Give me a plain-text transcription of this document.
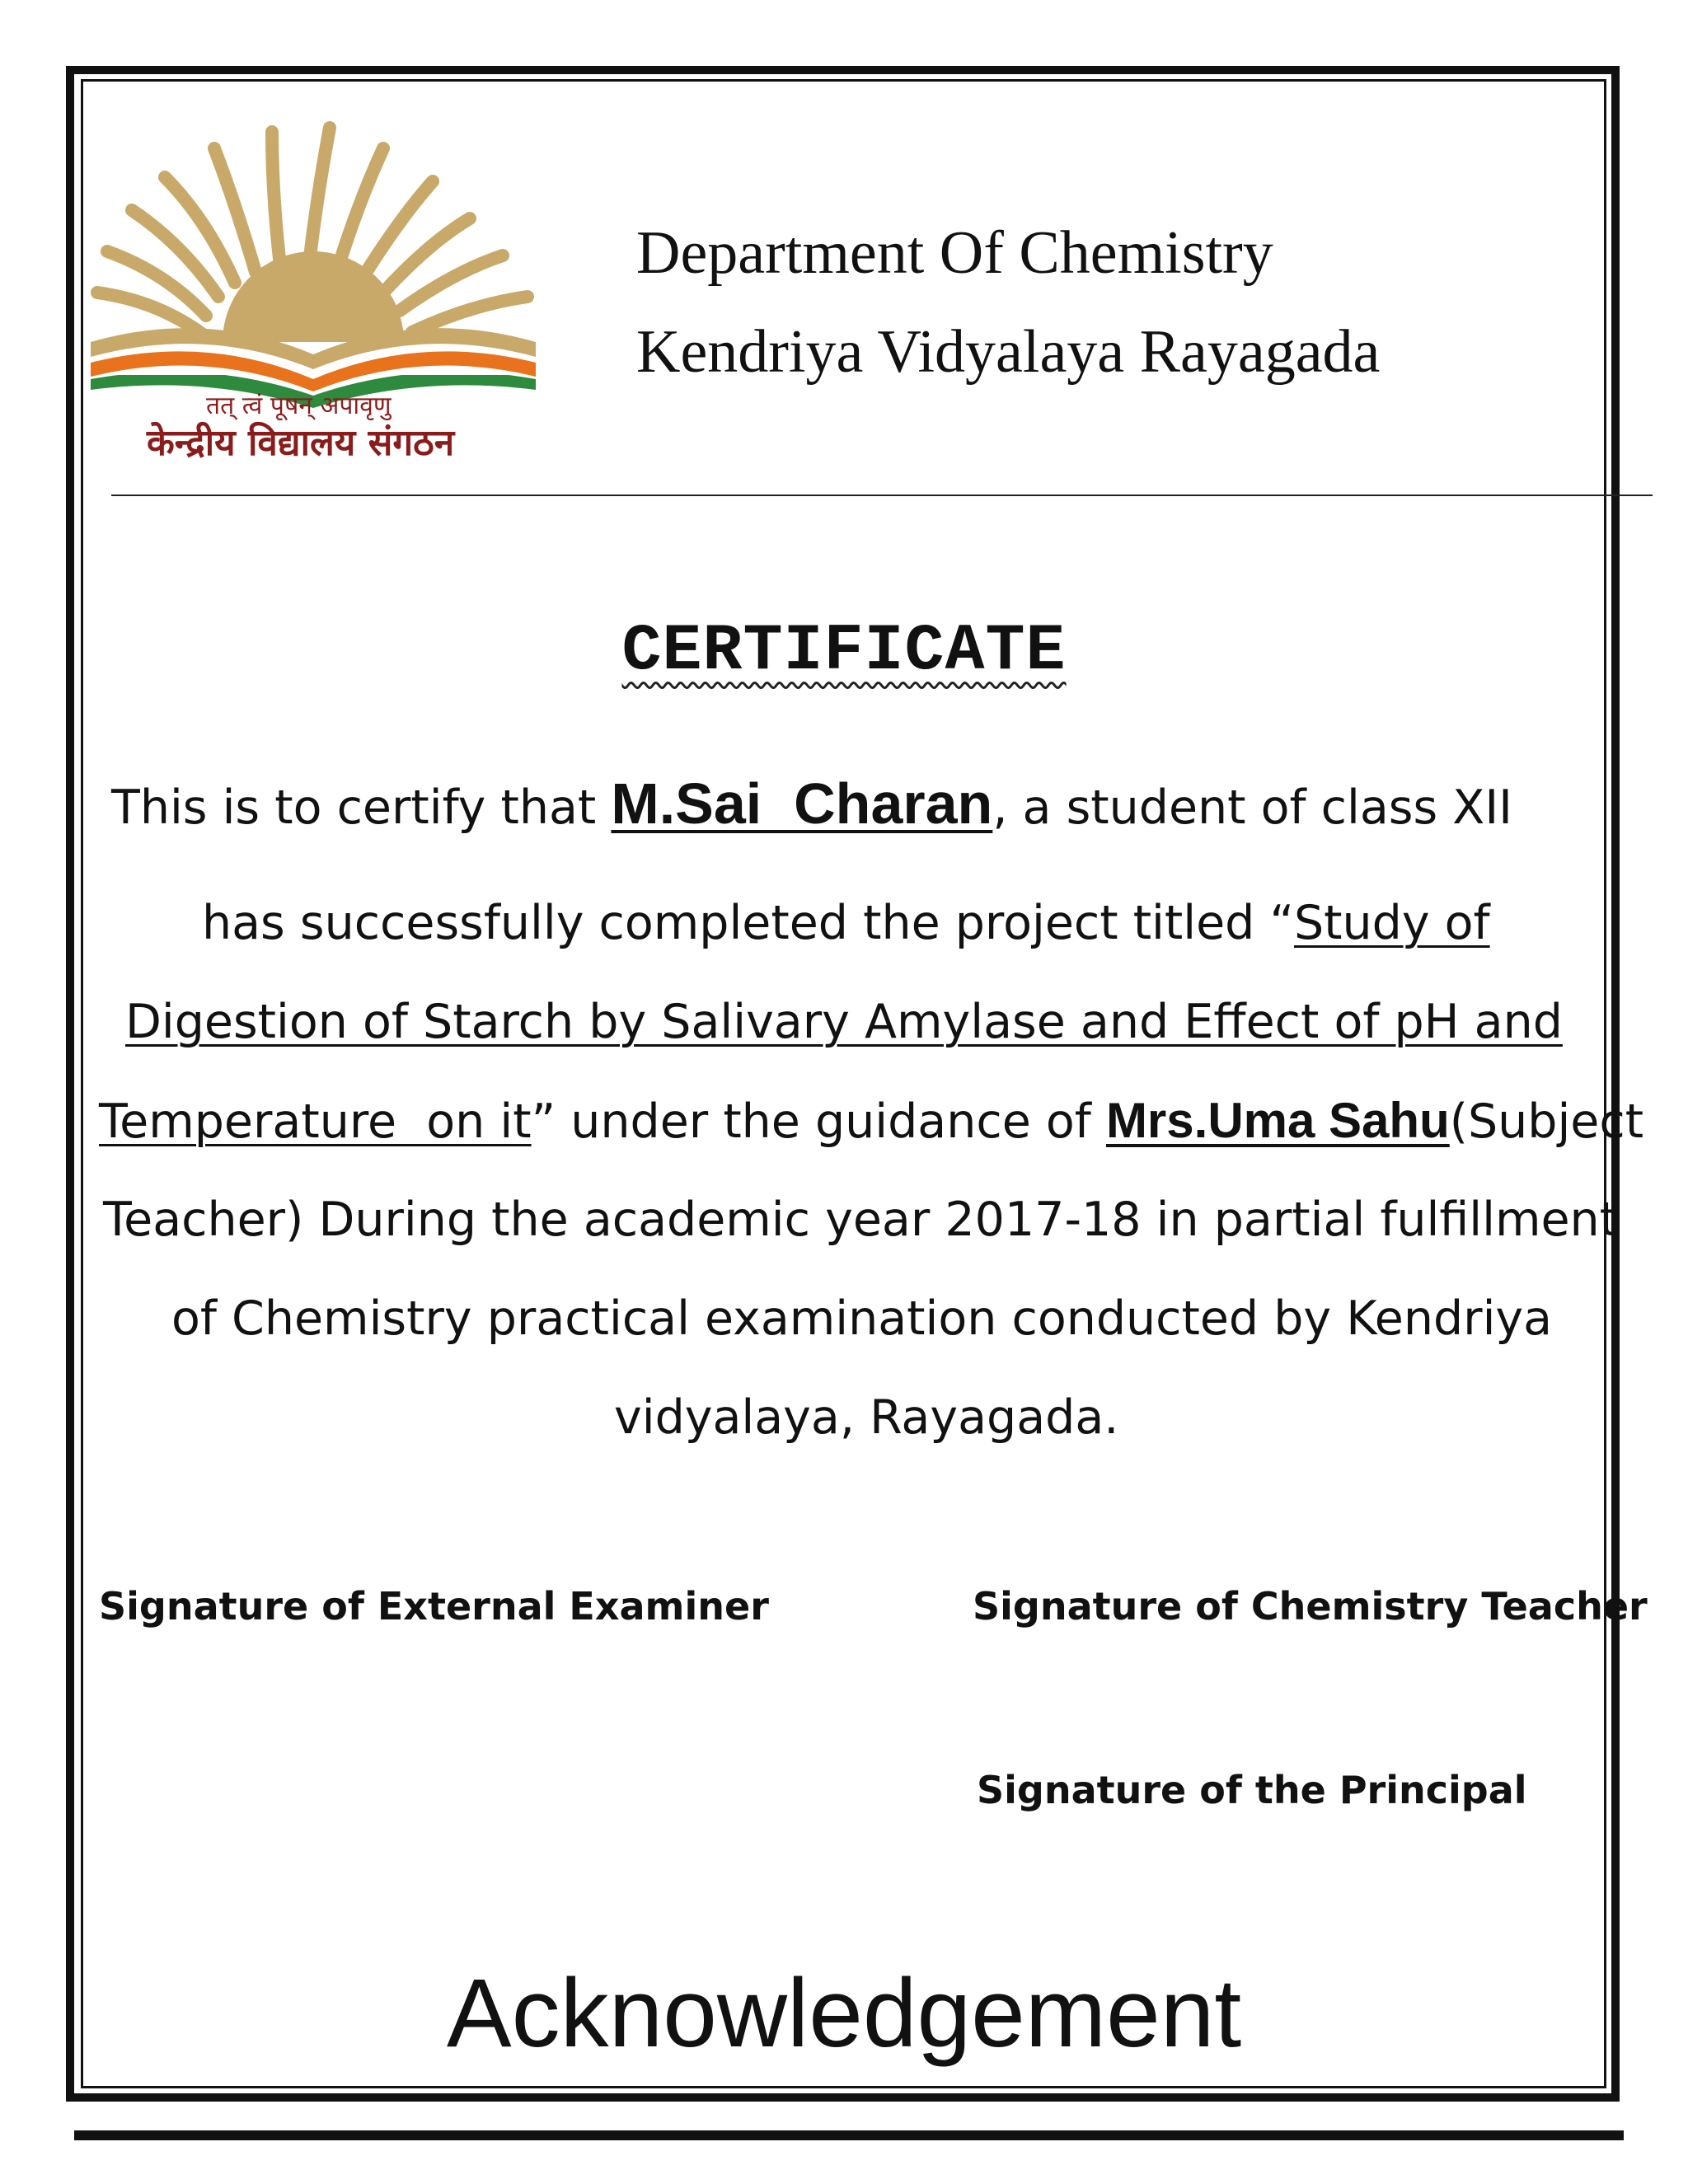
तत् त्वं पूषन् अपावृणु
केन्द्रीय विद्यालय संगठन
Department Of Chemistry
Kendriya Vidyalaya Rayagada
CERTIFICATE
This is to certify that M.Sai  Charan, a student of class XII
has successfully completed the project titled “Study of
Digestion of Starch by Salivary Amylase and Effect of pH and
Temperature  on it” under the guidance of Mrs.Uma Sahu(Subject
Teacher) During the academic year 2017-18 in partial fulfillment
of Chemistry practical examination conducted by Kendriya
vidyalaya, Rayagada.
Signature of External Examiner	Signature of Chemistry Teacher
Signature of the Principal
Acknowledgement
